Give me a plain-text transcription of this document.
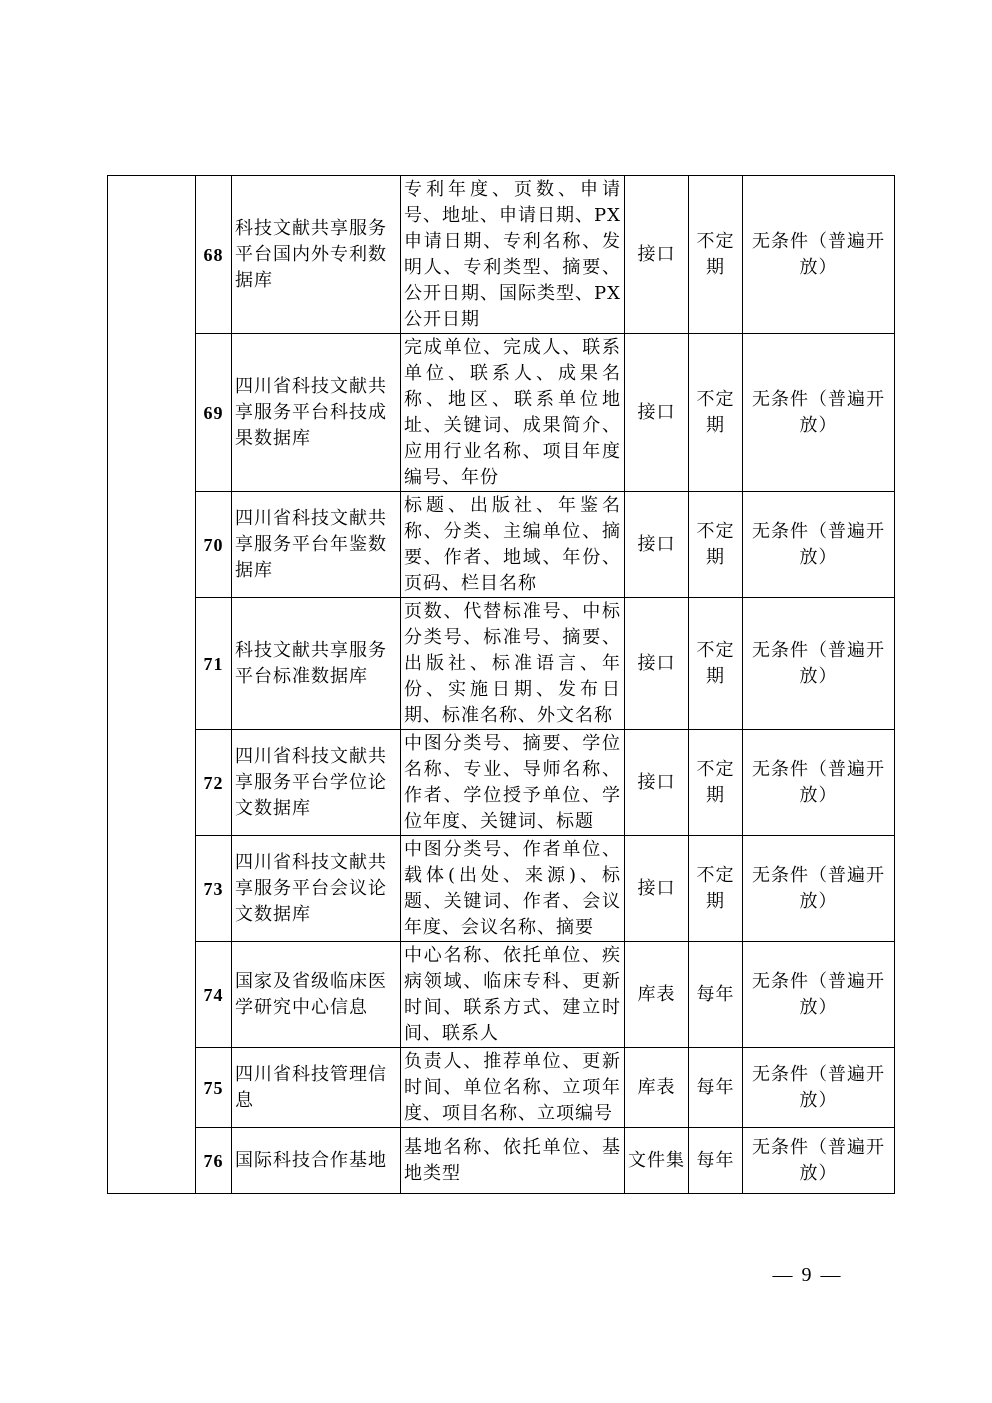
	68	科技文献共享服务平台国内外专利数据库	专利年度、页数、申请号、地址、申请日期、PX申请日期、专利名称、发明人、专利类型、摘要、公开日期、国际类型、PX公开日期	接口	不定期	无条件（普遍开放）
	69	四川省科技文献共享服务平台科技成果数据库	完成单位、完成人、联系单位、联系人、成果名称、地区、联系单位地址、关键词、成果简介、应用行业名称、项目年度编号、年份	接口	不定期	无条件（普遍开放）
	70	四川省科技文献共享服务平台年鉴数据库	标题、出版社、年鉴名称、分类、主编单位、摘要、作者、地域、年份、页码、栏目名称	接口	不定期	无条件（普遍开放）
	71	科技文献共享服务平台标准数据库	页数、代替标准号、中标分类号、标准号、摘要、出版社、标准语言、年份、实施日期、发布日期、标准名称、外文名称	接口	不定期	无条件（普遍开放）
	72	四川省科技文献共享服务平台学位论文数据库	中图分类号、摘要、学位名称、专业、导师名称、作者、学位授予单位、学位年度、关键词、标题	接口	不定期	无条件（普遍开放）
	73	四川省科技文献共享服务平台会议论文数据库	中图分类号、作者单位、载体(出处、来源)、标题、关键词、作者、会议年度、会议名称、摘要	接口	不定期	无条件（普遍开放）
	74	国家及省级临床医学研究中心信息	中心名称、依托单位、疾病领域、临床专科、更新时间、联系方式、建立时间、联系人	库表	每年	无条件（普遍开放）
	75	四川省科技管理信息	负责人、推荐单位、更新时间、单位名称、立项年度、项目名称、立项编号	库表	每年	无条件（普遍开放）
	76	国际科技合作基地	基地名称、依托单位、基地类型	文件集	每年	无条件（普遍开放）
— 9 —
